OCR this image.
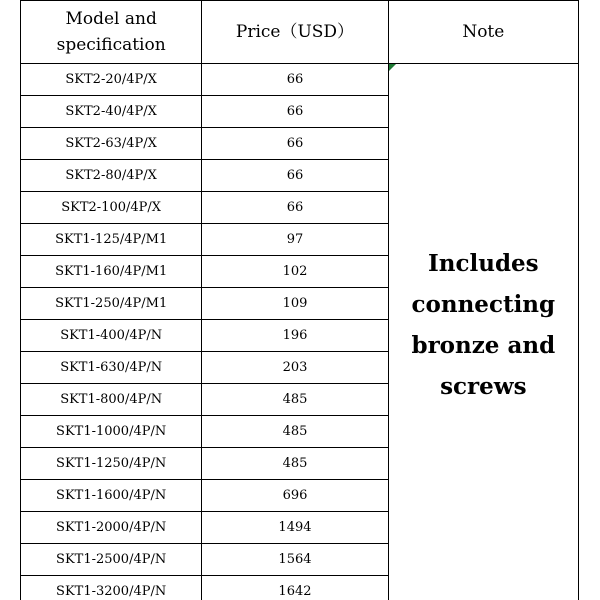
Model and
specification	Price（USD）	Note
SKT2-20/4P/X	66	Includes
connecting
bronze and
screws

SKT2-40/4P/X	66	
SKT2-63/4P/X	66	
SKT2-80/4P/X	66	
SKT2-100/4P/X	66	
SKT1-125/4P/M1	97	
SKT1-160/4P/M1	102	
SKT1-250/4P/M1	109	
SKT1-400/4P/N	196	
SKT1-630/4P/N	203	
SKT1-800/4P/N	485	
SKT1-1000/4P/N	485	
SKT1-1250/4P/N	485	
SKT1-1600/4P/N	696	
SKT1-2000/4P/N	1494	
SKT1-2500/4P/N	1564	
SKT1-3200/4P/N	1642	
